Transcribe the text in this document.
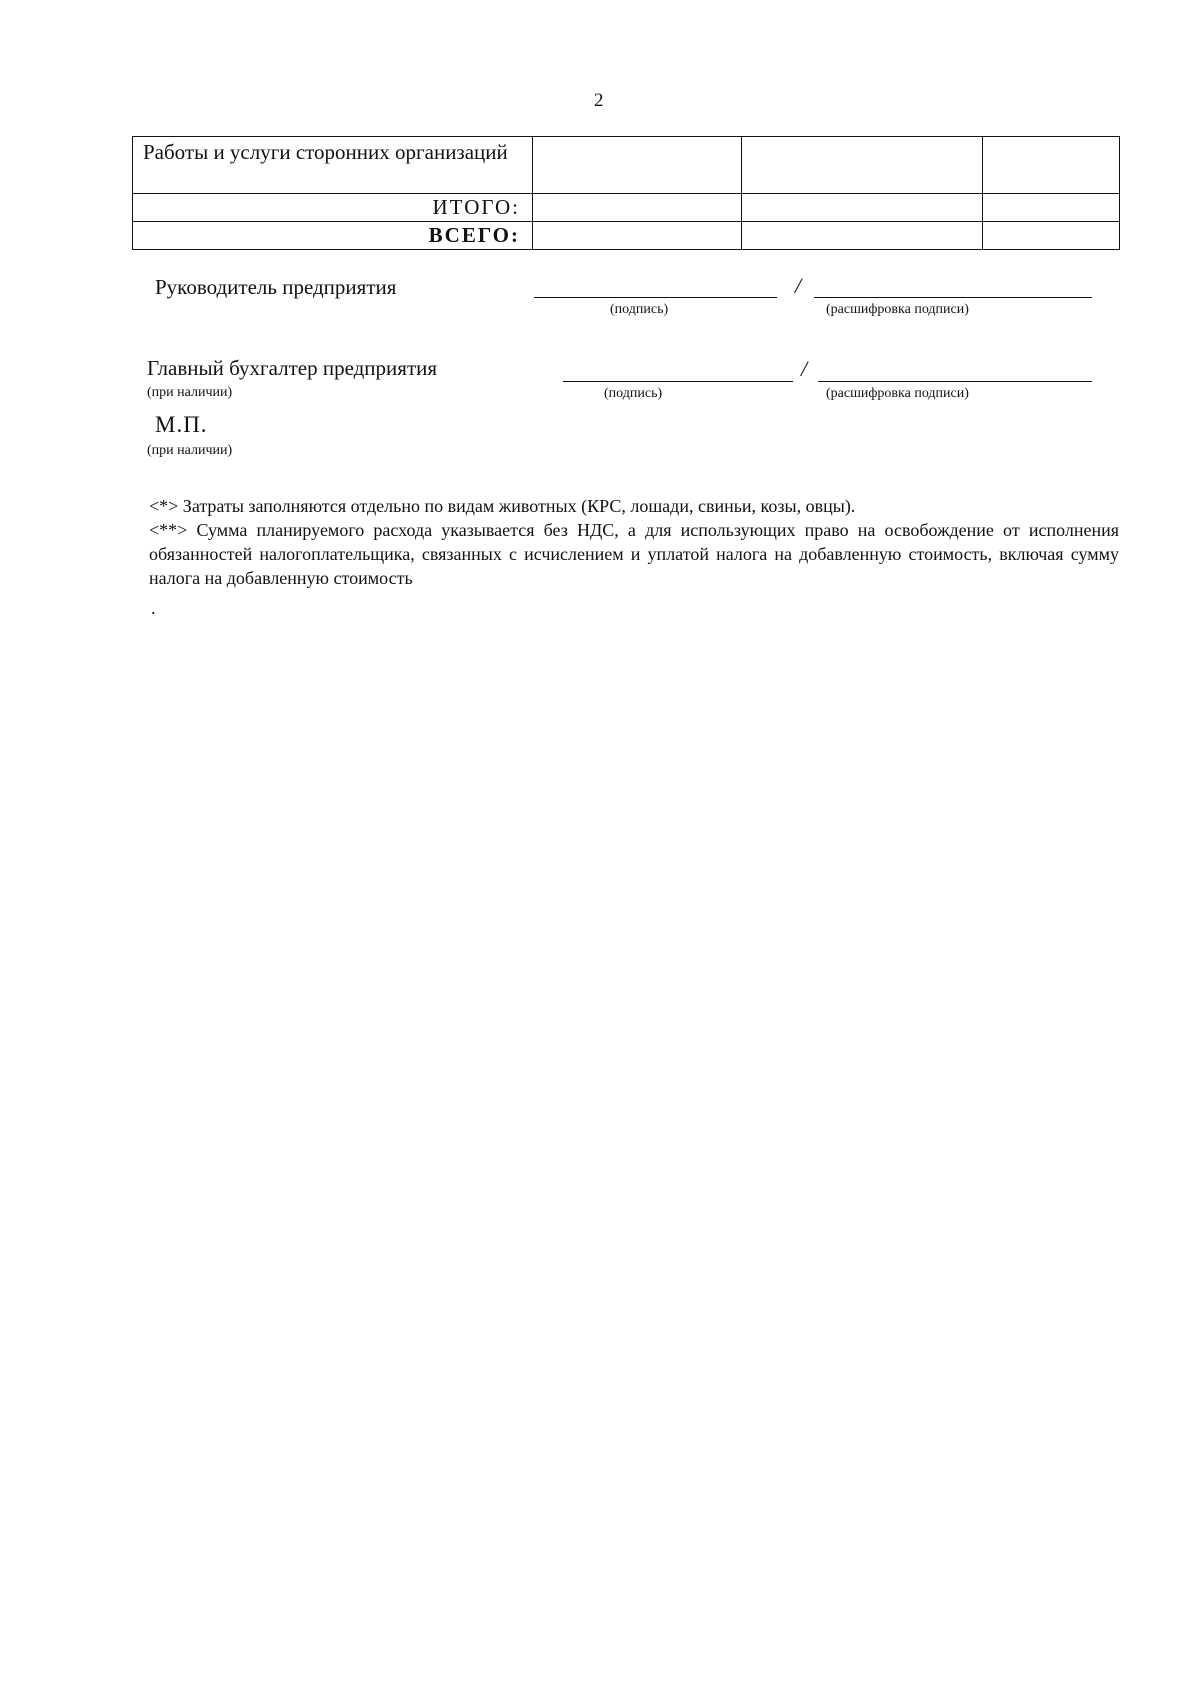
2
Работы и услуги сторонних организаций			
ИТОГО:			
ВСЕГО:			
Руководитель предприятия	/
(подпись)	(расшифровка подписи)
Главный бухгалтер предприятия
(при наличии)
/
(подпись)	(расшифровка подписи)
М.П.
(при наличии)

<*> Затраты заполняются отдельно по видам животных (КРС, лошади, свиньи, козы, овцы).

<**> Сумма планируемого расхода указывается без НДС, а для использующих право на освобождение от исполнения обязанностей налогоплательщика, связанных с исчислением и уплатой налога на добавленную стоимость, включая сумму налога на добавленную стоимость

.
